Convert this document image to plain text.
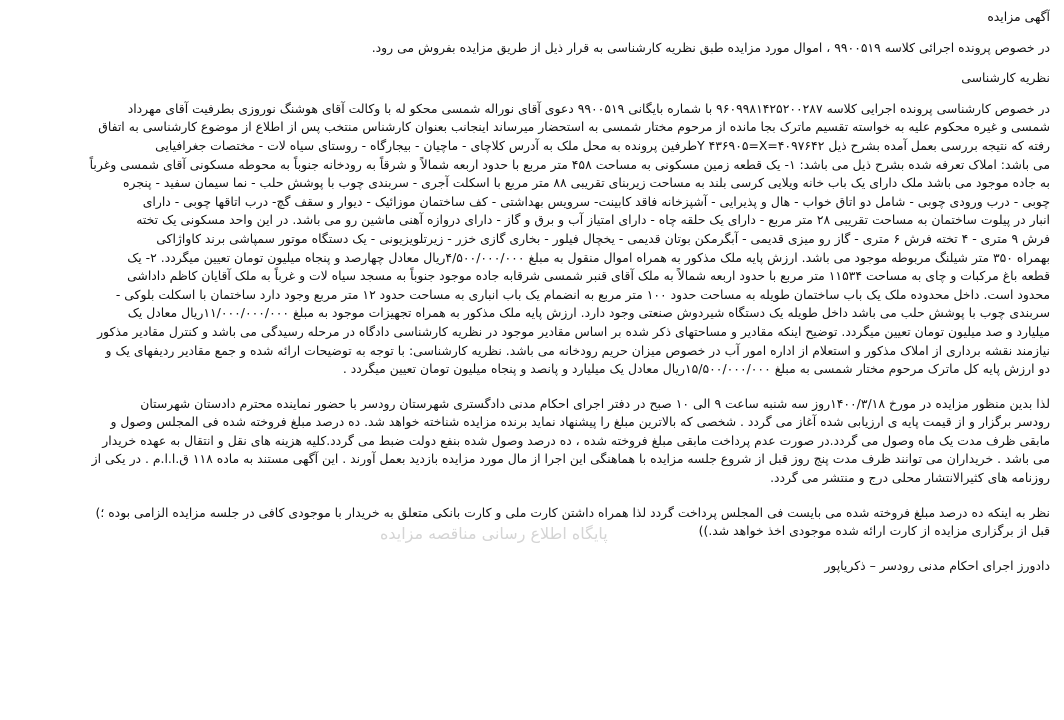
آگهی مزایده
در خصوص پرونده اجرائی کلاسه ۹۹۰۰۵۱۹ ، اموال مورد مزایده طبق نظریه کارشناسی به قرار ذیل از طریق مزایده بفروش می رود.
نظریه کارشناسی
در خصوص کارشناسی پرونده اجرایی کلاسه ۹۶۰۹۹۸۱۴۲۵۲۰۰۲۸۷ با شماره بایگانی ۹۹۰۰۵۱۹ دعوی آقای نوراله شمسی محکو له با وکالت آقای هوشنگ نوروزی بطرفیت آقای مهرداد
شمسی و غیره محکوم علیه به خواسته تقسیم ماترک بجا مانده از مرحوم مختار شمسی به استحضار میرساند اینجانب بعنوان کارشناس منتخب پس از اطلاع از موضوع کارشناسی به اتفاق
رفته که نتیجه بررسی بعمل آمده بشرح ذیل ۴۰۹۷۶۴۲=Y ۴۳۶۹۰۵=Xطرفین پرونده به محل ملک به آدرس کلاچای - ماچیان - بیجارگاه - روستای سیاه لات - مختصات جغرافیایی
می باشد: املاک تعرفه شده بشرح ذیل می باشد: ۱- یک قطعه زمین مسکونی به مساحت ۴۵۸ متر مربع با حدود اربعه شمالاً و شرقاً به رودخانه جنوباً به محوطه مسکونی آقای شمسی وغرباً
به جاده موجود می باشد ملک دارای یک باب خانه ویلایی کرسی بلند به مساحت زیربنای تقریبی ۸۸ متر مربع با اسکلت آجری - سربندی چوب با پوشش حلب - نما سیمان سفید - پنجره
چوبی - درب ورودی چوبی - شامل دو اتاق خواب - هال و پذیرایی - آشپزخانه فاقد کابینت- سرویس بهداشتی - کف ساختمان موزائیک - دیوار و سقف گچ- درب اتاقها چوبی - دارای
انبار در پیلوت ساختمان به مساحت تقریبی ۲۸ متر مربع - دارای یک حلقه چاه - دارای امتیاز آب و برق و گاز - دارای دروازه آهنی ماشین رو می باشد. در این واحد مسکونی یک تخته
فرش ۹ متری - ۴ تخته فرش ۶ متری - گاز رو میزی قدیمی - آبگرمکن بوتان قدیمی - یخچال فیلور - بخاری گازی خزر - زیرتلویزیونی - یک دستگاه موتور سمپاشی برند کاواژاکی
بهمراه ۳۵۰ متر شیلنگ مربوطه موجود می باشد. ارزش پایه ملک مذکور به همراه اموال منقول به مبلغ ۴/۵۰۰/۰۰۰/۰۰۰ریال معادل چهارصد و پنجاه میلیون تومان تعیین میگردد. ۲- یک
قطعه باغ مرکبات و چای به مساحت ۱۱۵۳۴ متر مربع با حدود اربعه شمالاً به ملک آقای قنبر شمسی شرقابه جاده موجود جنوباً به مسجد سیاه لات و غرباً به ملک آقایان کاظم داداشی
محدود است. داخل محدوده ملک یک باب ساختمان طویله به مساحت حدود ۱۰۰ متر مربع به انضمام یک باب انباری به مساحت حدود ۱۲ متر مربع وجود دارد ساختمان با اسکلت بلوکی -
سربندی چوب با پوشش حلب می باشد داخل طویله یک دستگاه شیردوش صنعتی وجود دارد. ارزش پایه ملک مذکور به همراه تجهیزات موجود به مبلغ ۱۱/۰۰۰/۰۰۰/۰۰۰ریال معادل یک
میلیارد و صد میلیون تومان تعیین میگردد. توضیح اینکه مقادیر و مساحتهای ذکر شده بر اساس مقادیر موجود در نظریه کارشناسی دادگاه در مرحله رسیدگی می باشد و کنترل مقادیر مذکور
نیازمند نقشه برداری از املاک مذکور و استعلام از اداره امور آب در خصوص میزان حریم رودخانه می باشد. نظریه کارشناسی: با توجه به توضیحات ارائه شده و جمع مقادیر ردیفهای یک و
دو ارزش پایه کل ماترک مرحوم مختار شمسی به مبلغ ۱۵/۵۰۰/۰۰۰/۰۰۰ریال معادل یک میلیارد و پانصد و پنجاه میلیون تومان تعیین میگردد .
لذا بدین منظور مزایده در مورخ ۱۴۰۰/۳/۱۸روز سه شنبه ساعت ۹ الی ۱۰ صبح در دفتر اجرای احکام مدنی دادگستری شهرستان رودسر با حضور نماینده محترم دادستان شهرستان
رودسر برگزار و از قیمت پایه ی ارزیابی شده آغاز می گردد . شخصی که بالاترین مبلغ را پیشنهاد نماید برنده مزایده شناخته خواهد شد. ده درصد مبلغ فروخته شده فی المجلس وصول و
مابقی ظرف مدت یک ماه وصول می گردد.در صورت عدم پرداخت مابقی مبلغ فروخته شده ، ده درصد وصول شده بنفع دولت ضبط می گردد.کلیه هزینه های نقل و انتقال به عهده خریدار
می باشد . خریداران می توانند ظرف مدت پنج روز قبل از شروع جلسه مزایده با هماهنگی این اجرا از مال مورد مزایده بازدید بعمل آورند . این آگهی مستند به ماده ۱۱۸ ق.ا.ا.م . در یکی از
روزنامه های کثیرالانتشار محلی درج و منتشر می گردد.
نظر به اینکه ده درصد مبلغ فروخته شده می بایست فی المجلس پرداخت گردد لذا همراه داشتن کارت ملی و کارت بانکی متعلق به خریدار با موجودی کافی در جلسه مزایده الزامی بوده ؛)
قبل از برگزاری مزایده از کارت ارائه شده موجودی اخذ خواهد شد.))
دادورز اجرای احکام مدنی رودسر – ذکریاپور
پایگاه اطلاع رسانی مناقصه مزایده
